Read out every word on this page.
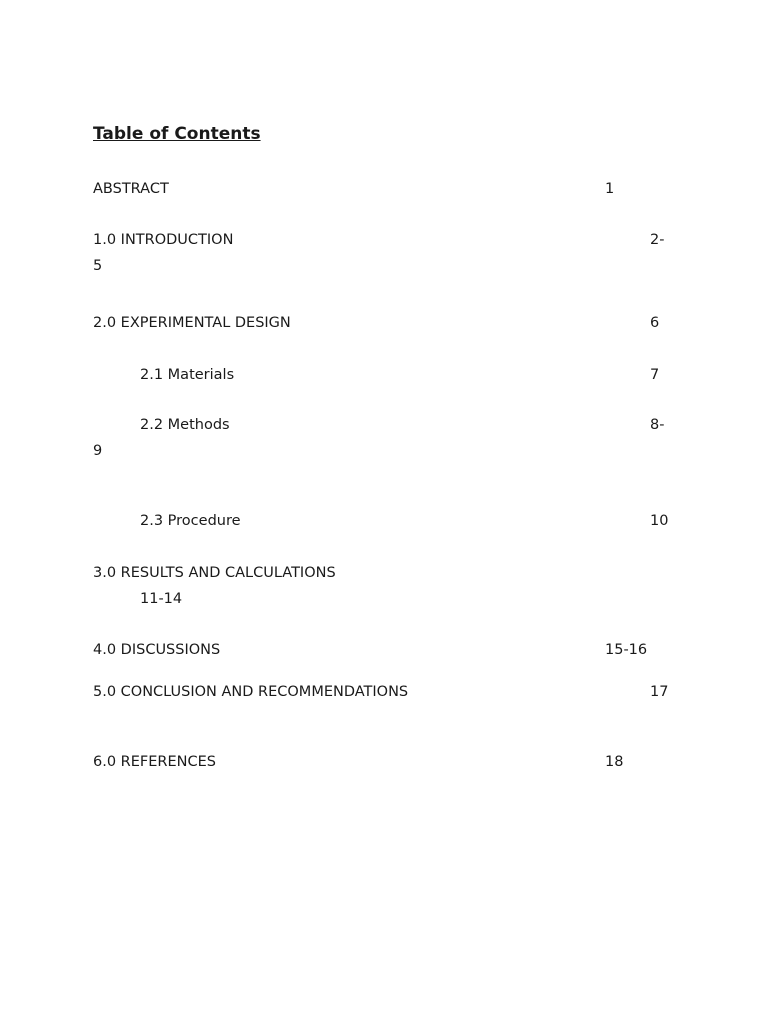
Table of Contents
ABSTRACT	1
1.0 INTRODUCTION	2-
5
2.0 EXPERIMENTAL DESIGN	6
2.1 Materials	7
2.2 Methods	8-
9
2.3 Procedure	10
3.0 RESULTS AND CALCULATIONS
11-14
4.0 DISCUSSIONS	15-16
5.0 CONCLUSION AND RECOMMENDATIONS	17
6.0 REFERENCES	18
